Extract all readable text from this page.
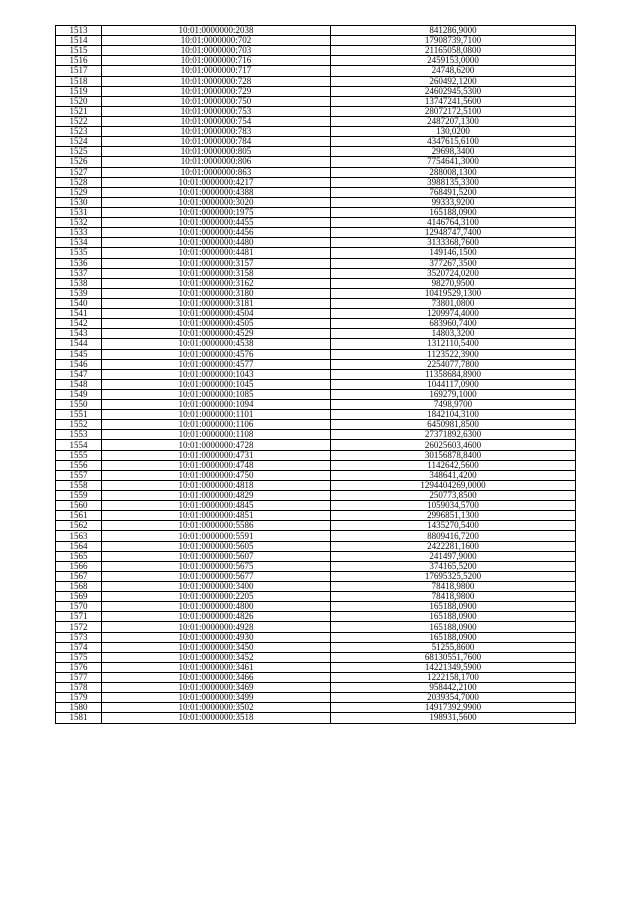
1513	10:01:0000000:2038	841286,9000
1514	10:01:0000000:702	17908739,7100
1515	10:01:0000000:703	21165058,0800
1516	10:01:0000000:716	2459153,0000
1517	10:01:0000000:717	24748,6200
1518	10:01:0000000:728	260492,1200
1519	10:01:0000000:729	24602945,5300
1520	10:01:0000000:750	13747241,5600
1521	10:01:0000000:753	28072172,5100
1522	10:01:0000000:754	2487207,1300
1523	10:01:0000000:783	130,0200
1524	10:01:0000000:784	4347615,6100
1525	10:01:0000000:805	29698,3400
1526	10:01:0000000:806	7754641,3000
1527	10:01:0000000:863	288008,1300
1528	10:01:0000000:4217	3988135,3300
1529	10:01:0000000:4388	768491,5200
1530	10:01:0000000:3020	99333,9200
1531	10:01:0000000:1975	165188,0900
1532	10:01:0000000:4455	4146764,3100
1533	10:01:0000000:4456	12948747,7400
1534	10:01:0000000:4480	3133368,7600
1535	10:01:0000000:4481	149146,1500
1536	10:01:0000000:3157	377267,3500
1537	10:01:0000000:3158	3520724,0200
1538	10:01:0000000:3162	98270,9500
1539	10:01:0000000:3180	10419529,1300
1540	10:01:0000000:3181	73801,0800
1541	10:01:0000000:4504	1209974,4000
1542	10:01:0000000:4505	683960,7400
1543	10:01:0000000:4529	14803,3200
1544	10:01:0000000:4538	1312110,5400
1545	10:01:0000000:4576	1123522,3900
1546	10:01:0000000:4577	2254077,7800
1547	10:01:0000000:1043	11358684,8900
1548	10:01:0000000:1045	1044117,0900
1549	10:01:0000000:1085	169279,1000
1550	10:01:0000000:1094	7498,9700
1551	10:01:0000000:1101	1842104,3100
1552	10:01:0000000:1106	6450981,8500
1553	10:01:0000000:1108	27371892,6300
1554	10:01:0000000:4728	26025603,4600
1555	10:01:0000000:4731	30156878,8400
1556	10:01:0000000:4748	1142642,5600
1557	10:01:0000000:4750	348641,4200
1558	10:01:0000000:4818	1294404269,0000
1559	10:01:0000000:4829	250773,8500
1560	10:01:0000000:4845	1059034,5700
1561	10:01:0000000:4851	2996851,1300
1562	10:01:0000000:5586	1435270,5400
1563	10:01:0000000:5591	8809416,7200
1564	10:01:0000000:5605	2422281,1600
1565	10:01:0000000:5607	241497,9000
1566	10:01:0000000:5675	374165,5200
1567	10:01:0000000:5677	17695325,5200
1568	10:01:0000000:3400	78418,9800
1569	10:01:0000000:2205	78418,9800
1570	10:01:0000000:4800	165188,0900
1571	10:01:0000000:4826	165188,0900
1572	10:01:0000000:4928	165188,0900
1573	10:01:0000000:4930	165188,0900
1574	10:01:0000000:3450	51255,8600
1575	10:01:0000000:3452	68130551,7600
1576	10:01:0000000:3461	14221349,5900
1577	10:01:0000000:3466	1222158,1700
1578	10:01:0000000:3469	958442,2100
1579	10:01:0000000:3499	2039354,7000
1580	10:01:0000000:3502	14917392,9900
1581	10:01:0000000:3518	198931,5600
